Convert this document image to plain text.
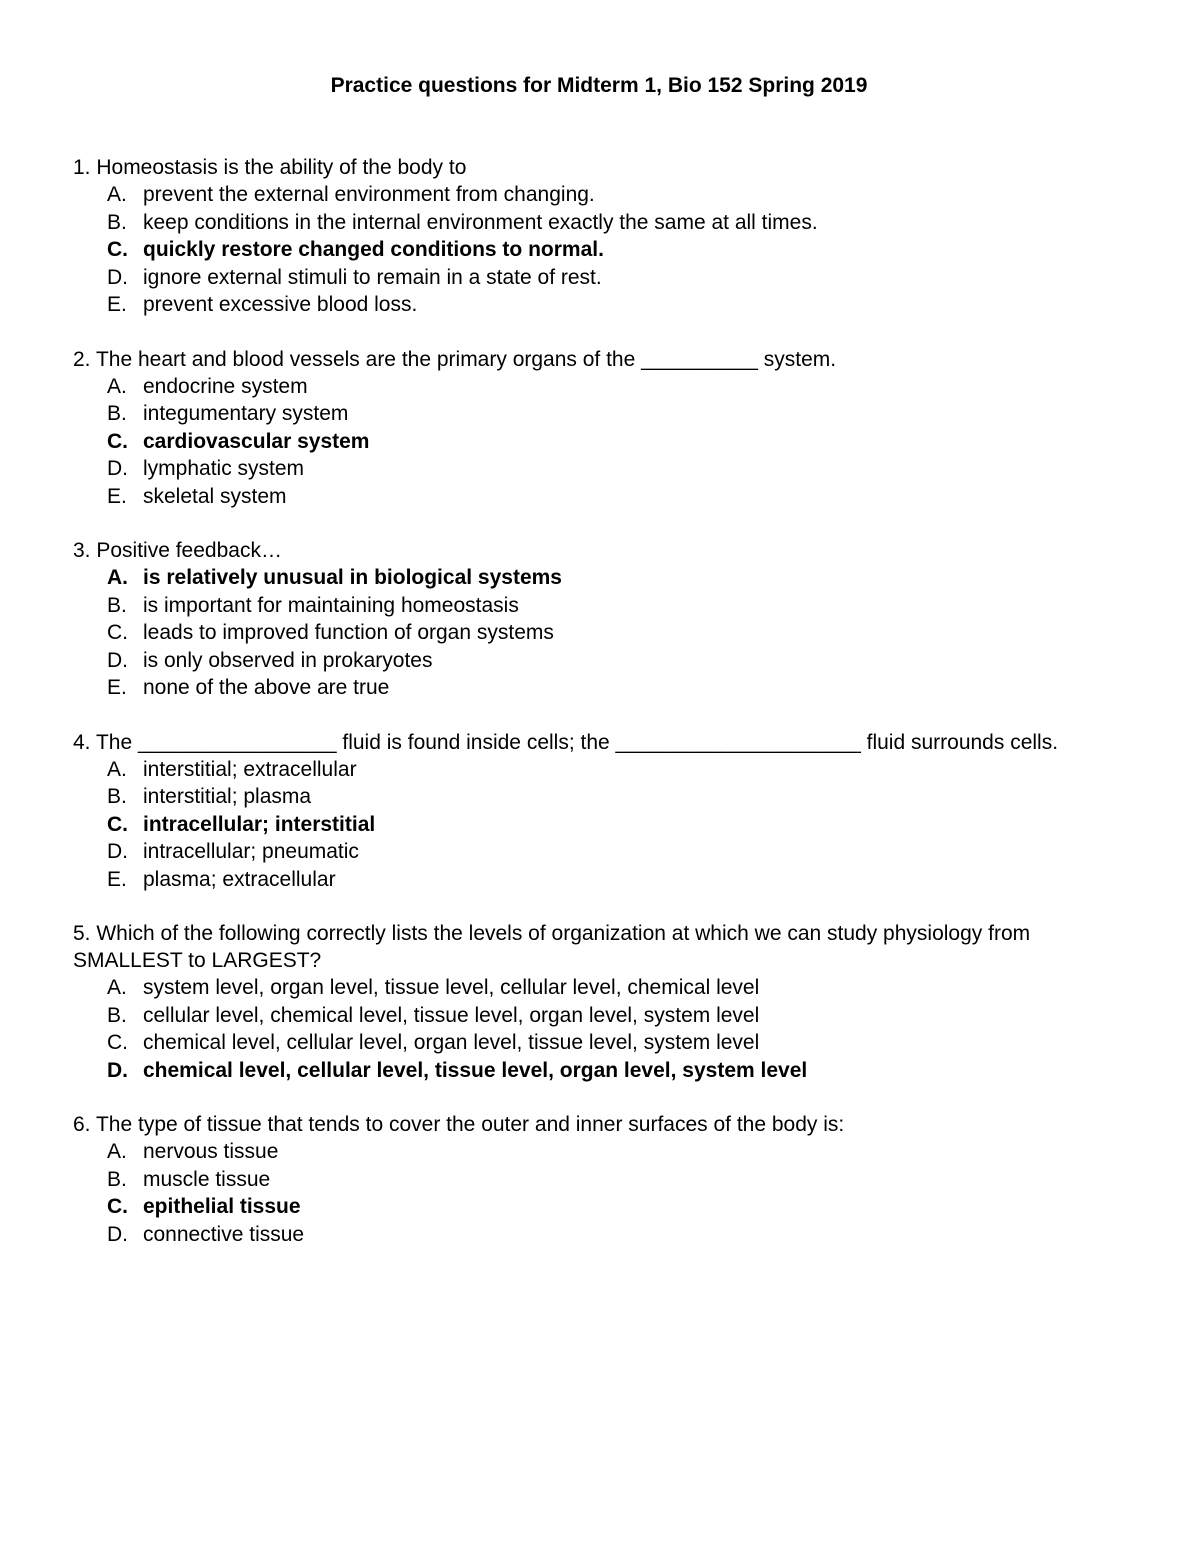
Practice questions for Midterm 1, Bio 152 Spring 2019

1. Homeostasis is the ability of the body to

A. prevent the external environment from changing.
B. keep conditions in the internal environment exactly the same at all times.
C. quickly restore changed conditions to normal.
D. ignore external stimuli to remain in a state of rest.
E. prevent excessive blood loss.

2. The heart and blood vessels are the primary organs of the __________ system.

A. endocrine system
B. integumentary system
C. cardiovascular system
D. lymphatic system
E. skeletal system

3. Positive feedback…

A. is relatively unusual in biological systems
B. is important for maintaining homeostasis
C. leads to improved function of organ systems
D. is only observed in prokaryotes
E. none of the above are true

4. The _________________ fluid is found inside cells; the _____________________ fluid surrounds cells.

A. interstitial; extracellular
B. interstitial; plasma
C. intracellular; interstitial
D. intracellular; pneumatic
E. plasma; extracellular

5. Which of the following correctly lists the levels of organization at which we can study physiology from SMALLEST to LARGEST?

A. system level, organ level, tissue level, cellular level, chemical level
B. cellular level, chemical level, tissue level, organ level, system level
C. chemical level, cellular level, organ level, tissue level, system level
D. chemical level, cellular level, tissue level, organ level, system level

6. The type of tissue that tends to cover the outer and inner surfaces of the body is:

A. nervous tissue
B. muscle tissue
C. epithelial tissue
D. connective tissue
